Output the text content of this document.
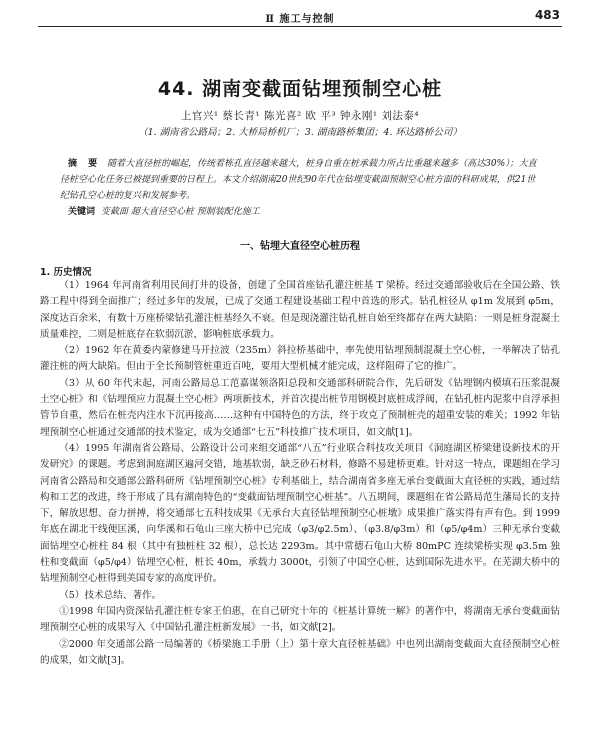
Ⅱ 施工与控制	483
44. 湖南变截面钻埋预制空心桩
上官兴¹ 蔡长青¹ 陈光喜² 欧 平³ 钟永刚¹ 刘法泰⁴
（1. 湖南省公路局；2. 大桥局桥机厂；3. 湖南路桥集团；4. 环达路桥公司）
摘 要 随着大直径桩的崛起，传统着栋孔直径越来越大，桩身自重在桩承载力所占比重越来越多（高达30%）；大直径桩空心化任务已被提到重要的日程上。本文介绍湖南20世纪90年代在钻埋变截面预制空心桩方面的科研成果，供21世纪钻孔空心桩的复兴和发展参考。
关键词 变截面 超大直径空心桩 预制装配化施工
一、钻埋大直径空心桩历程
1. 历史情况

（1）1964 年河南省利用民间打井的设备，创建了全国首座钻孔灌注桩基 T 梁桥。经过交通部验收后在全国公路、铁路工程中得到全面推广；经过多年的发展，已成了交通工程建设基础工程中首选的形式。钻孔桩径从 φ1m 发展到 φ5m，深度达百余米，有数十万座桥梁钻孔灌注桩基经久不衰。但是现浇灌注钻孔桩自始至终都存在两大缺陷：一则是桩身混凝土质量难控，二则是桩底存在软弱沉淤，影响桩底承载力。

（2）1962 年在黄委内蒙修建马开拉波（235m）斜拉桥基础中，率先使用钻埋预制混凝土空心桩，一举解决了钻孔灌注桩的两大缺陷。但由于全长预制管桩重近百吨，要用大型机械才能完成，这样阻碍了它的推广。

（3）从 60 年代末起，河南公路局总工范嘉谋领洛阳总段和交通部科研院合作，先后研发《钻埋钢内模填石压浆混凝土空心桩》和《钻埋预应力混凝土空心桩》两项新技术，并首次提出桩节用钢模封底桩成浮阀，在钻孔桩内泥浆中自浮承担管节自重，然后在桩壳内注水下沉再接高……这种有中国特色的方法，终于攻克了预制桩壳的超重安装的难关；1992 年钻埋预制空心桩通过交通部的技术鉴定，成为交通部“七五”科技推广技术项目，如文献[1]。

（4）1995 年湖南省公路局、公路设计公司来组交通部“八五”行业联合科技攻关项目《洞庭湖区桥梁建设新技术的开发研究》的课题。考虑到洞庭湖区遍河交错，地基软弱，缺乏砂石材料，修路不易建桥更难。针对这一特点，课题组在学习河南省公路局和交通部公路科研所《钻埋预制空心桩》专利基础上，结合湖南省多座无承台变截面大直径桩的实践，通过结构和工艺的改进，终于形成了具有湖南特色的“变截面钻埋预制空心桩基”。八五期间，课题组在省公路局范生藩局长的支持下，解放思想、奋力拼搏，将交通部七五科技成果《无承台大直径钻埋预制空心桩墩》成果推广落实得有声有色。到 1999 年底在湖北干线便匡溪，向华溪和石龟山三座大桥中已完成（φ3/φ2.5m）、（φ3.8/φ3m）和（φ5/φ4m）三种无承台变截面钻埋空心桩柱 84 根（其中有独桩柱 32 根），总长达 2293m。其中常德石龟山大桥 80mPC 连续梁桥实现 φ3.5m 独柱和变截面（φ5/φ4）钻埋空心桩，桩长 40m，承载力 3000t，引领了中国空心桩，达到国际先进水平。在芜湖大桥中的钻埋预制空心桩得到美国专家的高度评价。

（5）技术总结、著作。

①1998 年国内资深钻孔灌注桩专家王伯惠，在自己研究十年的《桩基计算统一解》的著作中，将湖南无承台变截面钻埋预制空心桩的成果写入《中国钻孔灌注桩新发展》一书，如文献[2]。

②2000 年交通部公路一局编著的《桥梁施工手册（上）第十章大直径桩基础》中也列出湖南变截面大直径预制空心桩的成果，如文献[3]。
